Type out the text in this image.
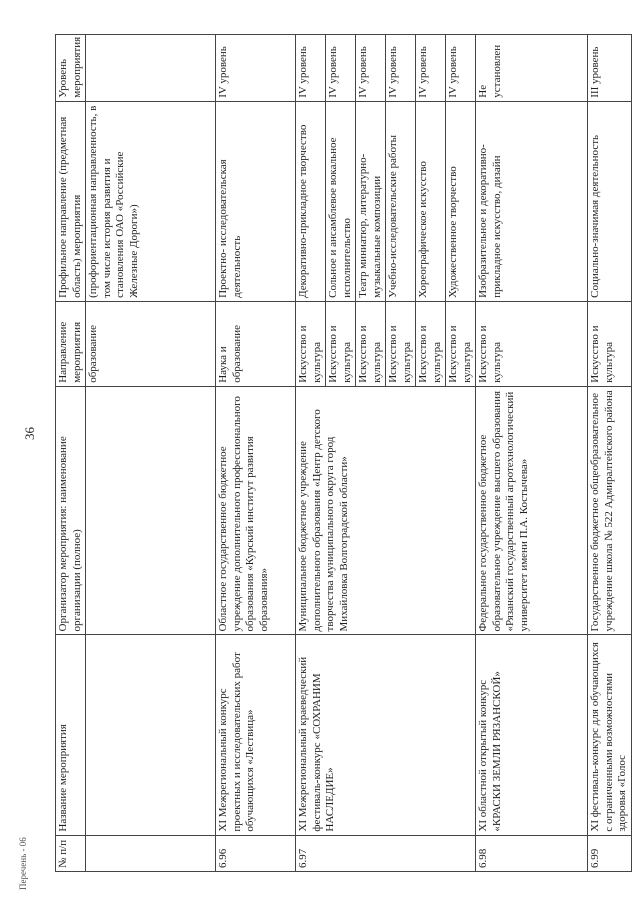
36
№ п/п	Название мероприятия	Организатор мероприятия: наименование организации (полное)	Направление мероприятия	Профильное направление (предметная область) мероприятия	Уровень мероприятия
			образование	(профориентационная направленность, в том числе история развития и становления ОАО «Российские Железные Дороги»)	
6.96	XI Межрегиональный конкурс проектных и исследовательских работ обучающихся «Лествица»	Областное государственное бюджетное учреждение дополнительного профессионального образования «Курский институт развития образования»	Наука и образование	Проектно- исследовательская деятельность	IV уровень
6.97	XI Межрегиональный краеведческий фестиваль-конкурс «СОХРАНИМ НАСЛЕДИЕ»	Муниципальное бюджетное учреждение дополнительного образования «Центр детского творчества муниципального округа город Михайловка Волгоградской области»	Искусство и культура	Декоративно-прикладное творчество	IV уровень
			Искусство и культура	Сольное и ансамблевое вокальное исполнительство	IV уровень
			Искусство и культура	Театр миниатюр, литературно-музыкальные композиции	IV уровень
			Искусство и культура	Учебно-исследовательские работы	IV уровень
			Искусство и культура	Хореографическое искусство	IV уровень
			Искусство и культура	Художественное творчество	IV уровень
6.98	XI областной открытый конкурс «КРАСКИ ЗЕМЛИ РЯЗАНСКОЙ»	Федеральное государственное бюджетное образовательное учреждение высшего образования «Рязанский государственный агротехнологический университет имени П.А. Костычева»	Искусство и культура	Изобразительное и декоративно-прикладное искусство, дизайн	Не установлен
6.99	XI фестиваль-конкурс для обучающихся с ограниченными возможностями здоровья «Голос	Государственное бюджетное общеобразовательное учреждение школа № 522 Адмиралтейского района	Искусство и культура	Социально-значимая деятельность	III уровень
Перечень - 06
